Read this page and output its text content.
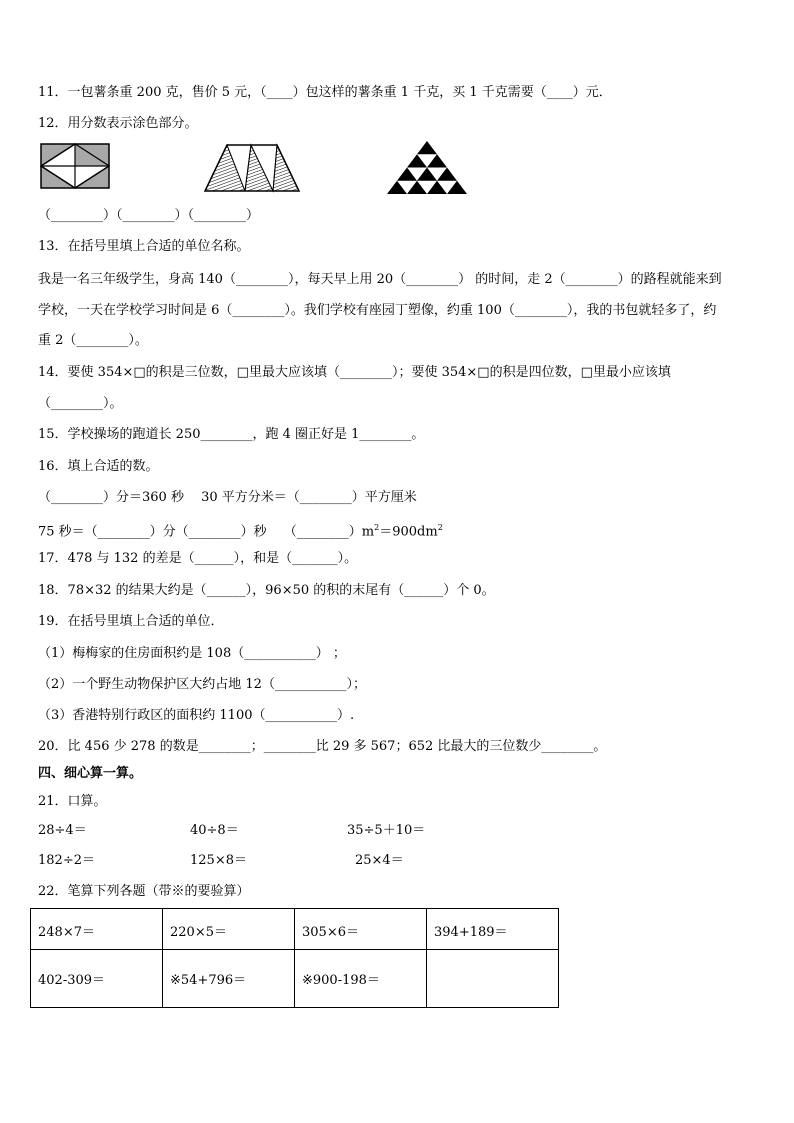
11．一包薯条重 200 克，售价 5 元，（____）包这样的薯条重 1 千克，买 1 千克需要（____）元．
12．用分数表示涂色部分。
（________）（________）（________）
13．在括号里填上合适的单位名称。
我是一名三年级学生，身高 140（________），每天早上用 20（________） 的时间，走 2（________）的路程就能来到
学校，一天在学校学习时间是 6（________）。我们学校有座园丁塑像，约重 100（________），我的书包就轻多了，约
重 2（________）。
14．要使 354×□的积是三位数，□里最大应该填（________）；要使 354×□的积是四位数，□里最小应该填
（________）。
15．学校操场的跑道长 250________，跑 4 圈正好是 1________。
16．填上合适的数。
（________）分＝360 秒　 30 平方分米＝（________）平方厘米
75 秒＝（________）分（________）秒　 $(\_\_\_\_\_\_\_\_)m^2=900dm^2$
17．478 与 132 的差是（______），和是（_______）。
18．78×32 的结果大约是（______），96×50 的积的末尾有（______）个 0。
19．在括号里填上合适的单位．
（1）梅梅家的住房面积约是 108（___________） ；
（2）一个野生动物保护区大约占地 12（___________）；
（3）香港特别行政区的面积约 1100（___________）.
20．比 456 少 278 的数是________；________比 29 多 567；652 比最大的三位数少________。
四、细心算一算。
21．口算。
28÷4＝	40÷8＝	35÷5＋10＝
182÷2＝	125×8＝	25×4＝
22．笔算下列各题（带※的要验算）
248×7＝	220×5＝	305×6＝	394+189＝
402-309＝	※54+796＝	※900-198＝	
